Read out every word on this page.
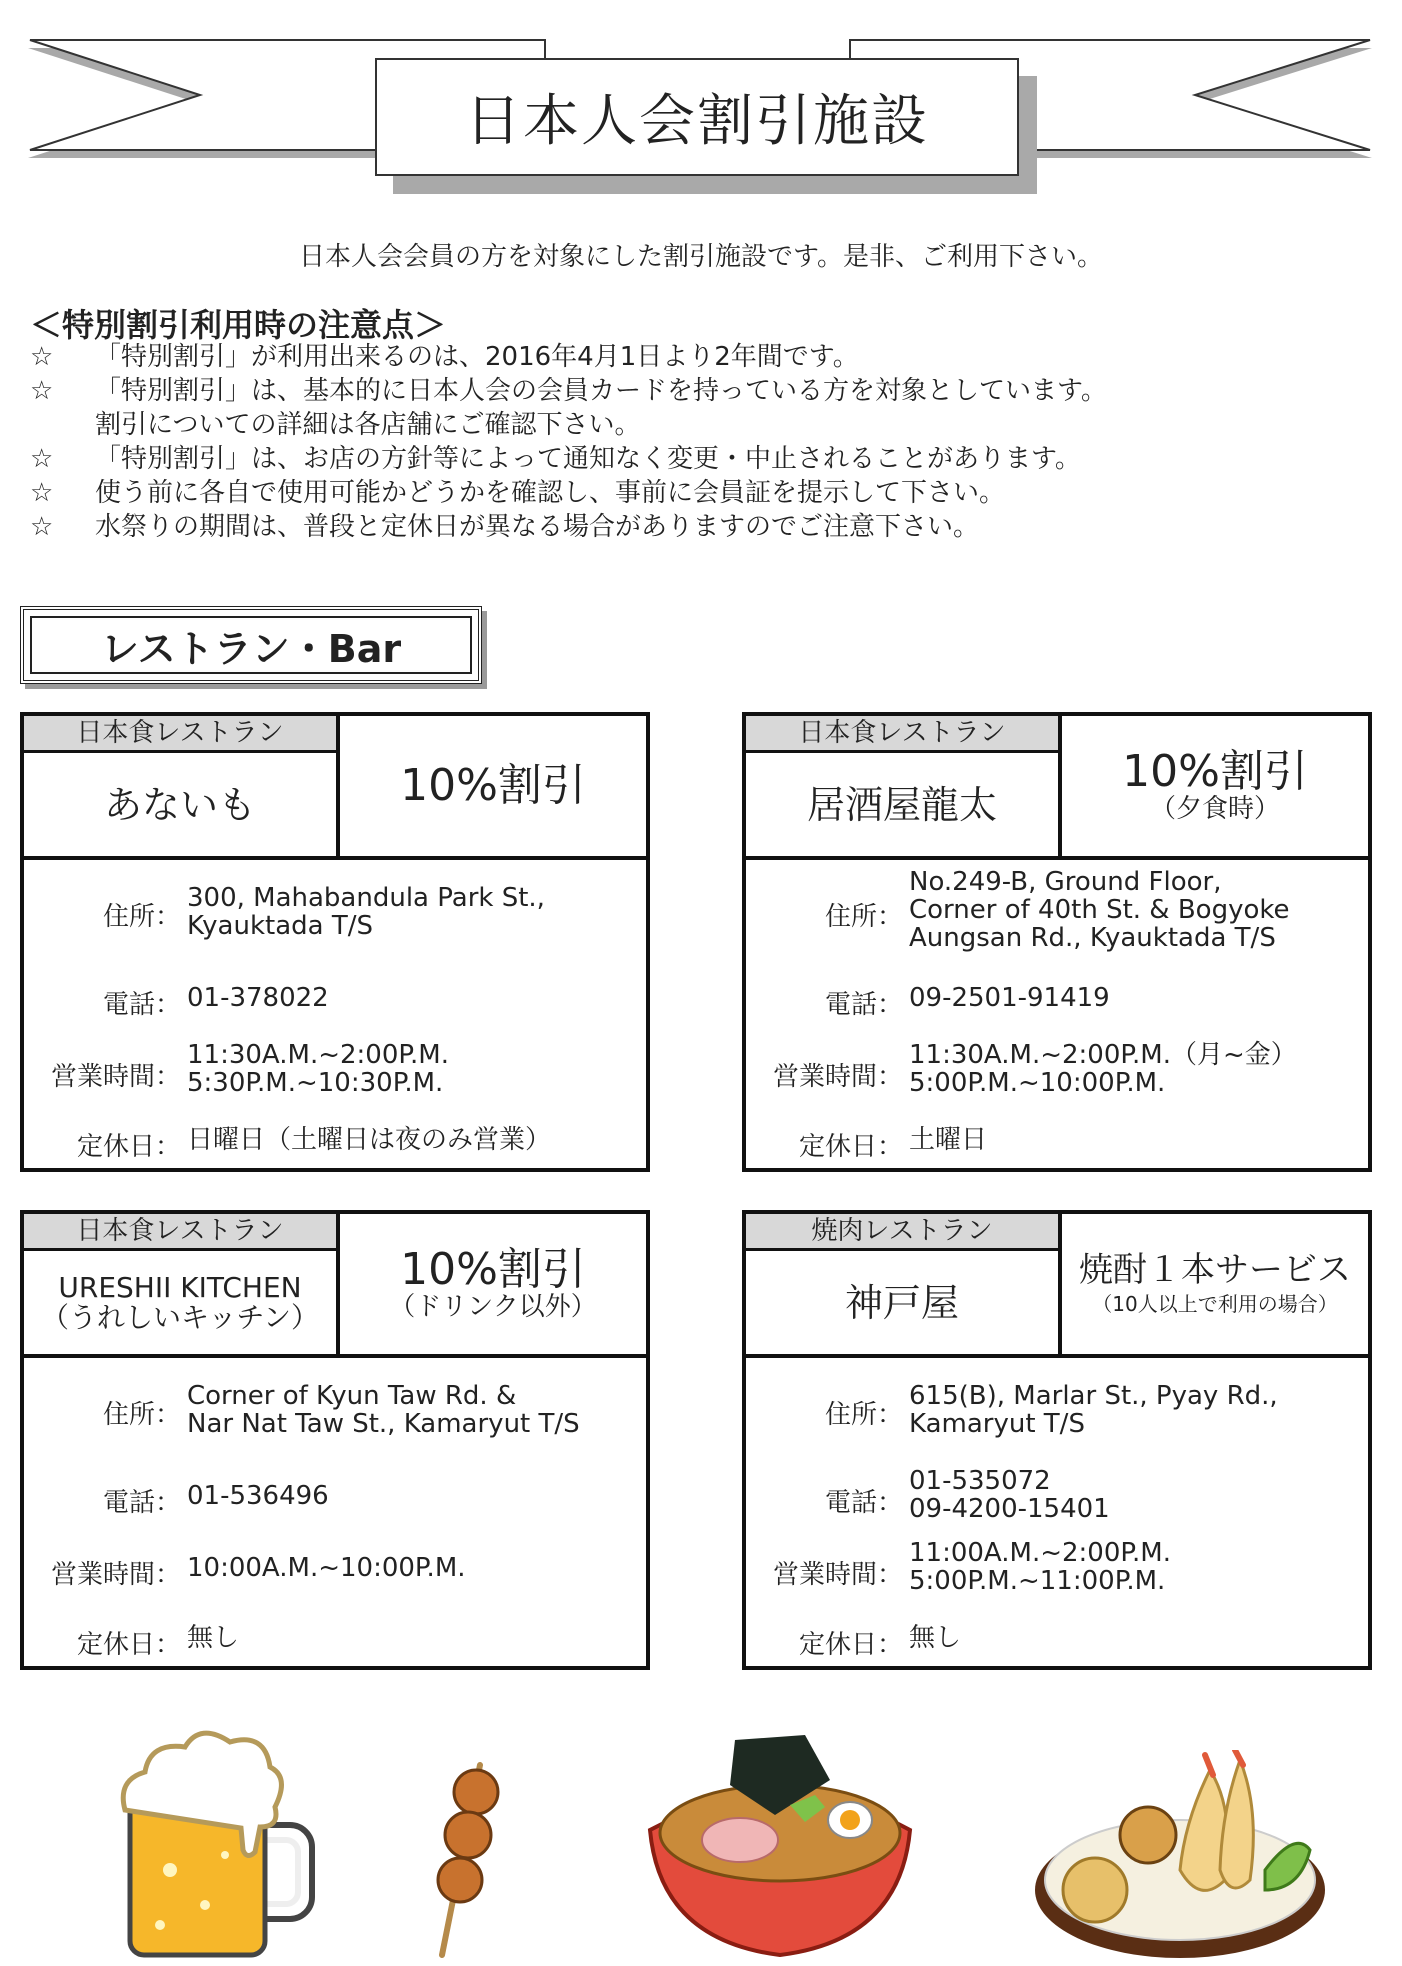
日本人会割引施設
日本人会会員の方を対象にした割引施設です。是非、ご利用下さい。
＜特別割引利用時の注意点＞
☆	「特別割引」が利用出来るのは、2016年4月1日より2年間です。
☆	「特別割引」は、基本的に日本人会の会員カードを持っている方を対象としています。
割引についての詳細は各店舗にご確認下さい。
☆	「特別割引」は、お店の方針等によって通知なく変更・中止されることがあります。
☆	使う前に各自で使用可能かどうかを確認し、事前に会員証を提示して下さい。
☆	水祭りの期間は、普段と定休日が異なる場合がありますのでご注意下さい。
レストラン・Bar
日本食レストラン
あないも	10%割引
住所：
300, Mahabandula Park St.,
Kyauktada T/S
電話： 01-378022
営業時間：
11:30A.M.~2:00P.M.
5:30P.M.~10:30P.M.
定休日： 日曜日（土曜日は夜のみ営業）
日本食レストラン
居酒屋龍太
10%割引
（夕食時）
住所：
No.249-B, Ground Floor,
Corner of 40th St. & Bogyoke
Aungsan Rd., Kyauktada T/S
電話： 09-2501-91419
営業時間：
11:30A.M.~2:00P.M.（月~金）
5:00P.M.~10:00P.M.
定休日： 土曜日
日本食レストラン
URESHII KITCHEN
（うれしいキッチン）
10%割引
（ドリンク以外）
住所：
Corner of Kyun Taw Rd. &
Nar Nat Taw St., Kamaryut T/S
電話： 01-536496
営業時間： 10:00A.M.~10:00P.M.
定休日： 無し
焼肉レストラン
神戸屋
焼酎１本サービス
（10人以上で利用の場合）
住所：
615(B), Marlar St., Pyay Rd.,
Kamaryut T/S
電話：
01-535072
09-4200-15401
営業時間：
11:00A.M.~2:00P.M.
5:00P.M.~11:00P.M.
定休日： 無し
